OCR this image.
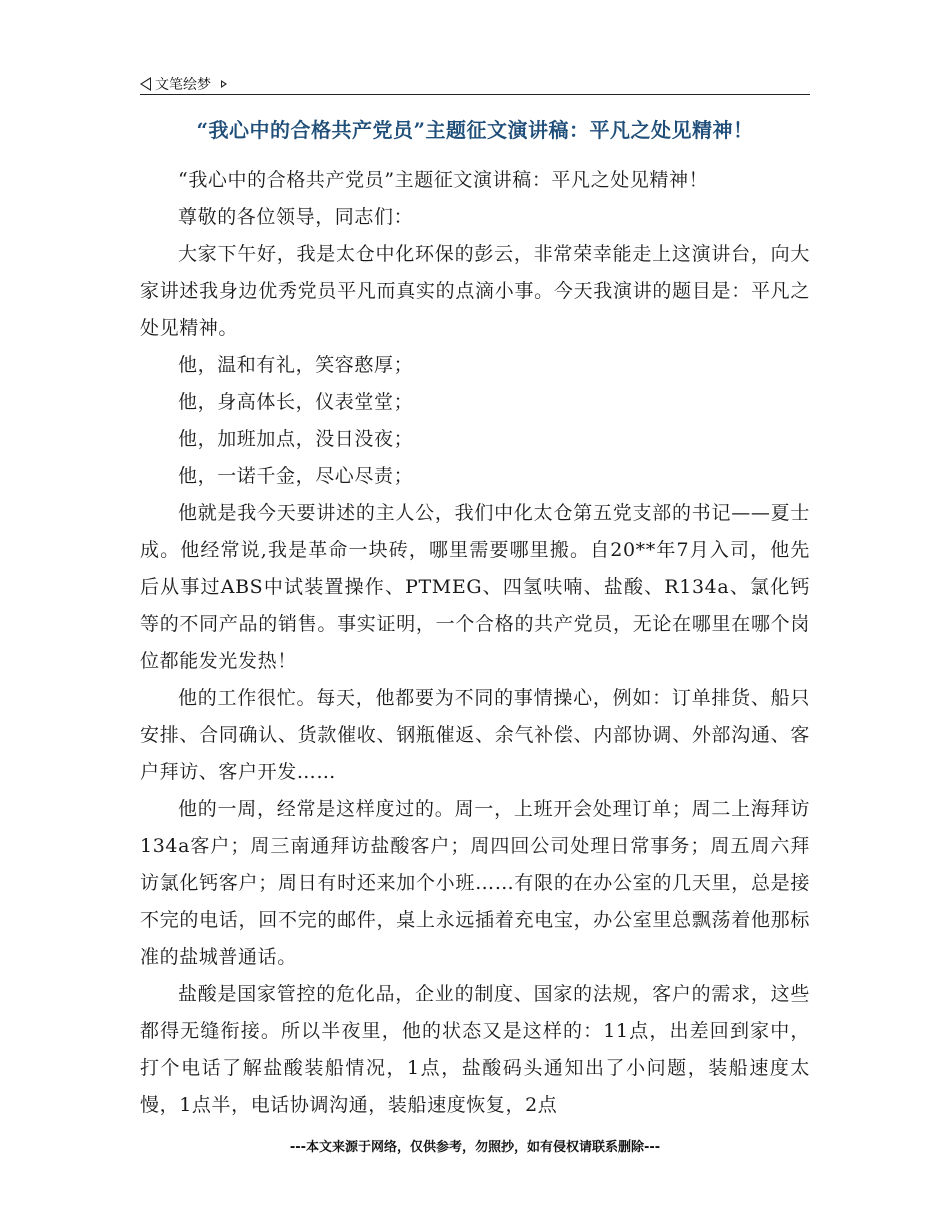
文笔绘梦
“我心中的合格共产党员”主题征文演讲稿：平凡之处见精神！

“我心中的合格共产党员”主题征文演讲稿：平凡之处见精神！

尊敬的各位领导，同志们：

大家下午好，我是太仓中化环保的彭云，非常荣幸能走上这演讲台，向大家讲述我身边优秀党员平凡而真实的点滴小事。今天我演讲的题目是：平凡之处见精神。

他，温和有礼，笑容憨厚；

他，身高体长，仪表堂堂；

他，加班加点，没日没夜；

他，一诺千金，尽心尽责；

他就是我今天要讲述的主人公，我们中化太仓第五党支部的书记——夏士成。他经常说,我是革命一块砖，哪里需要哪里搬。自20**年7月入司，他先后从事过ABS中试装置操作、PTMEG、四氢呋喃、盐酸、R134a、氯化钙等的不同产品的销售。事实证明，一个合格的共产党员，无论在哪里在哪个岗位都能发光发热！

他的工作很忙。每天，他都要为不同的事情操心，例如：订单排货、船只安排、合同确认、货款催收、钢瓶催返、余气补偿、内部协调、外部沟通、客户拜访、客户开发……

他的一周，经常是这样度过的。周一，上班开会处理订单；周二上海拜访134a客户；周三南通拜访盐酸客户；周四回公司处理日常事务；周五周六拜访氯化钙客户；周日有时还来加个小班……有限的在办公室的几天里，总是接不完的电话，回不完的邮件，桌上永远插着充电宝，办公室里总飘荡着他那标准的盐城普通话。

盐酸是国家管控的危化品，企业的制度、国家的法规，客户的需求，这些都得无缝衔接。所以半夜里，他的状态又是这样的：11点，出差回到家中，打个电话了解盐酸装船情况，1点，盐酸码头通知出了小问题，装船速度太慢，1点半，电话协调沟通，装船速度恢复，2点

---本文来源于网络，仅供参考，勿照抄，如有侵权请联系删除---
